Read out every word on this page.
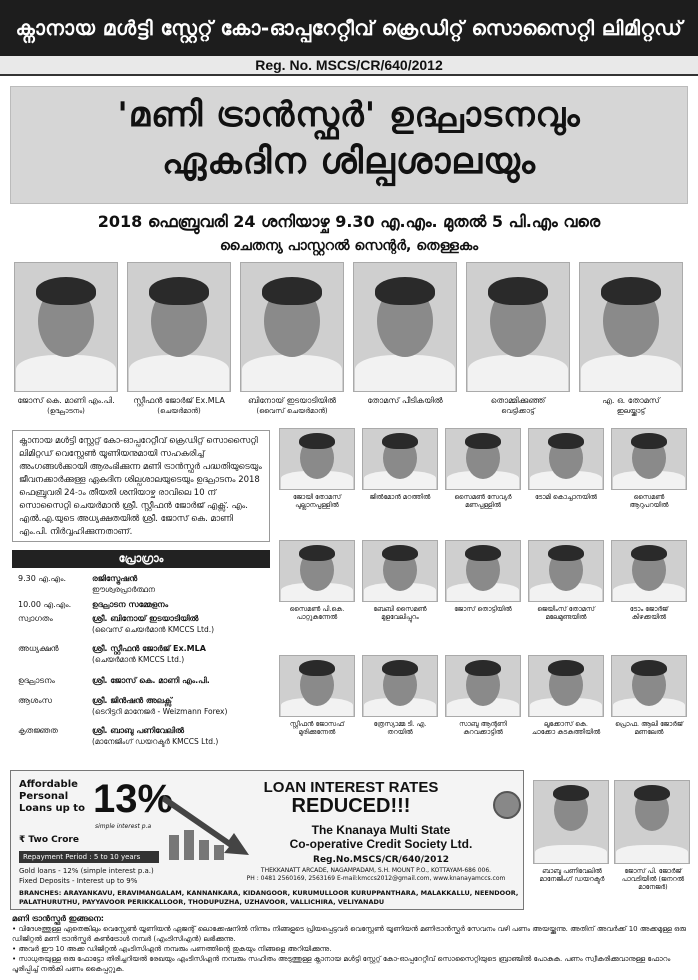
ക്നാനായ മൾട്ടി സ്റ്റേറ്റ് കോ-ഓപ്പറേറ്റീവ് ക്രെഡിറ്റ് സൊസൈറ്റി ലിമിറ്റഡ്
Reg. No. MSCS/CR/640/2012
'മണി ട്രാൻസ്ഫർ' ഉദ്ഘാടനവും
ഏകദിന ശില്പശാലയും
2018 ഫെബ്രുവരി 24 ശനിയാഴ്ച 9.30 എ.എം. മുതൽ 5 പി.എം വരെ
ചൈതന്യ പാസ്റ്ററൽ സെന്റർ, തെള്ളകം
ജോസ് കെ. മാണി എം.പി.
(ഉദ്ഘാടനം)
സ്റ്റീഫൻ ജോർജ് Ex.MLA
(ചെയർമാൻ)
ബിനോയ് ഇടയാടിയിൽ
(വൈസ് ചെയർമാൻ)
തോമസ് പീടികയിൽ	തൊമ്മിക്കുഞ്ഞ്
വെട്ടിക്കാട്ട്
എ. ഒ. തോമസ്
ഇലയ്ക്കാട്ട്
ക്നാനായ മൾട്ടി സ്റ്റേറ്റ് കോ-ഓപ്പറേറ്റീവ് ക്രെഡിറ്റ് സൊസൈറ്റി ലിമിറ്റഡ് വെസ്റ്റേൺ യൂണിയനുമായി സഹകരിച്ച് അംഗങ്ങൾക്കായി ആരംഭിക്കുന്ന മണി ട്രാൻസ്ഫർ പദ്ധതിയുടെയും ജീവനക്കാർക്കുള്ള ഏകദിന ശില്പശാലയുടെയും ഉദ്ഘാടനം 2018 ഫെബ്രുവരി 24-ാം തീയതി ശനിയാഴ്ച രാവിലെ 10 ന് സൊസൈറ്റി ചെയർമാൻ ശ്രീ. സ്റ്റീഫൻ ജോർജ് എക്സ്. എം. എൽ.എ.യുടെ അധ്യക്ഷതയിൽ ശ്രീ. ജോസ് കെ. മാണി എം.പി. നിർവ്വഹിക്കുന്നതാണ്.
പ്രോഗ്രാം
9.30 എ.എം.	രജിസ്ട്രേഷൻ
ഈശ്വരപ്രാർത്ഥന
10.00 എ.എം.	ഉദ്ഘാടന സമ്മേളനം
സ്വാഗതം	ശ്രീ. ബിനോയ് ഇടയാടിയിൽ
(വൈസ് ചെയർമാൻ KMCCS Ltd.)
അധ്യക്ഷൻ	ശ്രീ. സ്റ്റീഫൻ ജോർജ് Ex.MLA
(ചെയർമാൻ KMCCS Ltd.)
ഉദ്ഘാടനം	ശ്രീ. ജോസ് കെ. മാണി എം.പി.
ആശംസ	ശ്രീ. ജിൻഷൻ അലക്സ്
(ടെറിട്ടറി മാനേജർ - Weizmann Forex)
കൃതജ്ഞത	ശ്രീ. ബാബു പണിവേലിൽ
(മാനേജിംഗ് ഡയറക്ടർ KMCCS Ltd.)
ജോയി തോമസ്
പുല്ലാനപ്പള്ളിൽ
ജിൽമോൻ മഠത്തിൽ	സൈമൺ സേവ്യർ
മണപ്പള്ളിൽ
ടോമി കൊച്ചാനയിൽ	സൈമൺ
ആറുപറയിൽ
സൈമൺ പി.കെ.
പാറ്റുകുന്നേൽ
ബേബി സൈമൺ
മുളവേലിപ്പുറം
ജോസ് തൊട്ടിയിൽ	ജെയിംസ് തോമസ്
മലേമുണ്ടയിൽ
ടോം ജോർജ്
കിഴക്കയിൽ
സ്റ്റീഫൻ ജോസഫ്
മുരിക്കുന്നേൽ
ത്രേസ്യാമ്മ ടി. എ.
തറയിൽ
സാബു ആന്റണി
കുറവക്കാട്ടിൽ
ലൂക്കോസ് കെ.
ചാക്കോ കുടകുത്തിയിൽ
പ്രൊഫ. ആലി ജോർജ്
മണലേൽ
ബാബു പണിവേലിൽ
മാനേജിംഗ് ഡയറക്ടർ
ജോസ് പി. ജോർജ്
പാവടിയിൽ (ജനറൽ മാനേജർ)
Affordable Personal Loans up to 13%
simple interest p.a
₹ Two Crore
Repayment Period : 5 to 10 years
Gold loans - 12% (simple interest p.a.)
Fixed Deposits - Interest up to 9%
LOAN INTEREST RATES
REDUCED!!!
The Knanaya Multi State
Co-operative Credit Society Ltd.
Reg.No.MSCS/CR/640/2012
THEKKANATT ARCADE, NAGAMPADAM, S.H. MOUNT P.O., KOTTAYAM-686 006.
PH : 0481 2560169, 2563169 E-mail:kmccs2012@gmail.com, www.knanayamccs.com
BRANCHES: ARAYANKAVU, ERAVIMANGALAM, KANNANKARA, KIDANGOOR, KURUMULLOOR KURUPPANTHARA, MALAKKALLU, NEENDOOR, PALATHURUTHU, PAYYAVOOR PERIKKALLOOR, THODUPUZHA, UZHAVOOR, VALLICHIRA, VELIYANADU
മണി ട്രാൻസ്ഫർ ഇങ്ങനെ:
• വിദേശത്തുള്ള ഏതെങ്കിലും വെസ്റ്റേൺ യൂണിയൻ ഏജന്റ് ലൊക്കേഷനിൽ നിന്നും നിങ്ങളുടെ പ്രിയപ്പെട്ടവർ വെസ്റ്റേൺ യൂണിയൻ മണിട്രാൻസ്ഫർ സേവനം വഴി പണം അയയ്ക്കുന്നു. അതിന് അവർക്ക് 10 അക്കമുള്ള ഒരു ഡിജിറ്റൽ മണി ട്രാൻസ്ഫർ കൺട്രോൾ നമ്പർ (എംടിസിഎൻ) ലഭിക്കുന്നു.
• അവർ ഈ 10 അക്ക ഡിജിറ്റൽ എംടിസിഎൻ നമ്പരും പണത്തിന്റെ തുകയും നിങ്ങളെ അറിയിക്കുന്നു.
• സാധുതയുള്ള ഒരു ഫോട്ടോ തിരിച്ചറിയൽ രേഖയും എംടിസിഎൻ നമ്പരും സഹിതം അടുത്തുള്ള ക്നാനായ മൾട്ടി സ്റ്റേറ്റ് കോ-ഓപ്പറേറ്റീവ് സൊസൈറ്റിയുടെ ബ്രാഞ്ചിൽ പോകുക. പണം സ്വീകരിക്കുവാനുള്ള ഫോറം പൂരിപ്പിച്ച് നൽകി പണം കൈപ്പറ്റുക.
